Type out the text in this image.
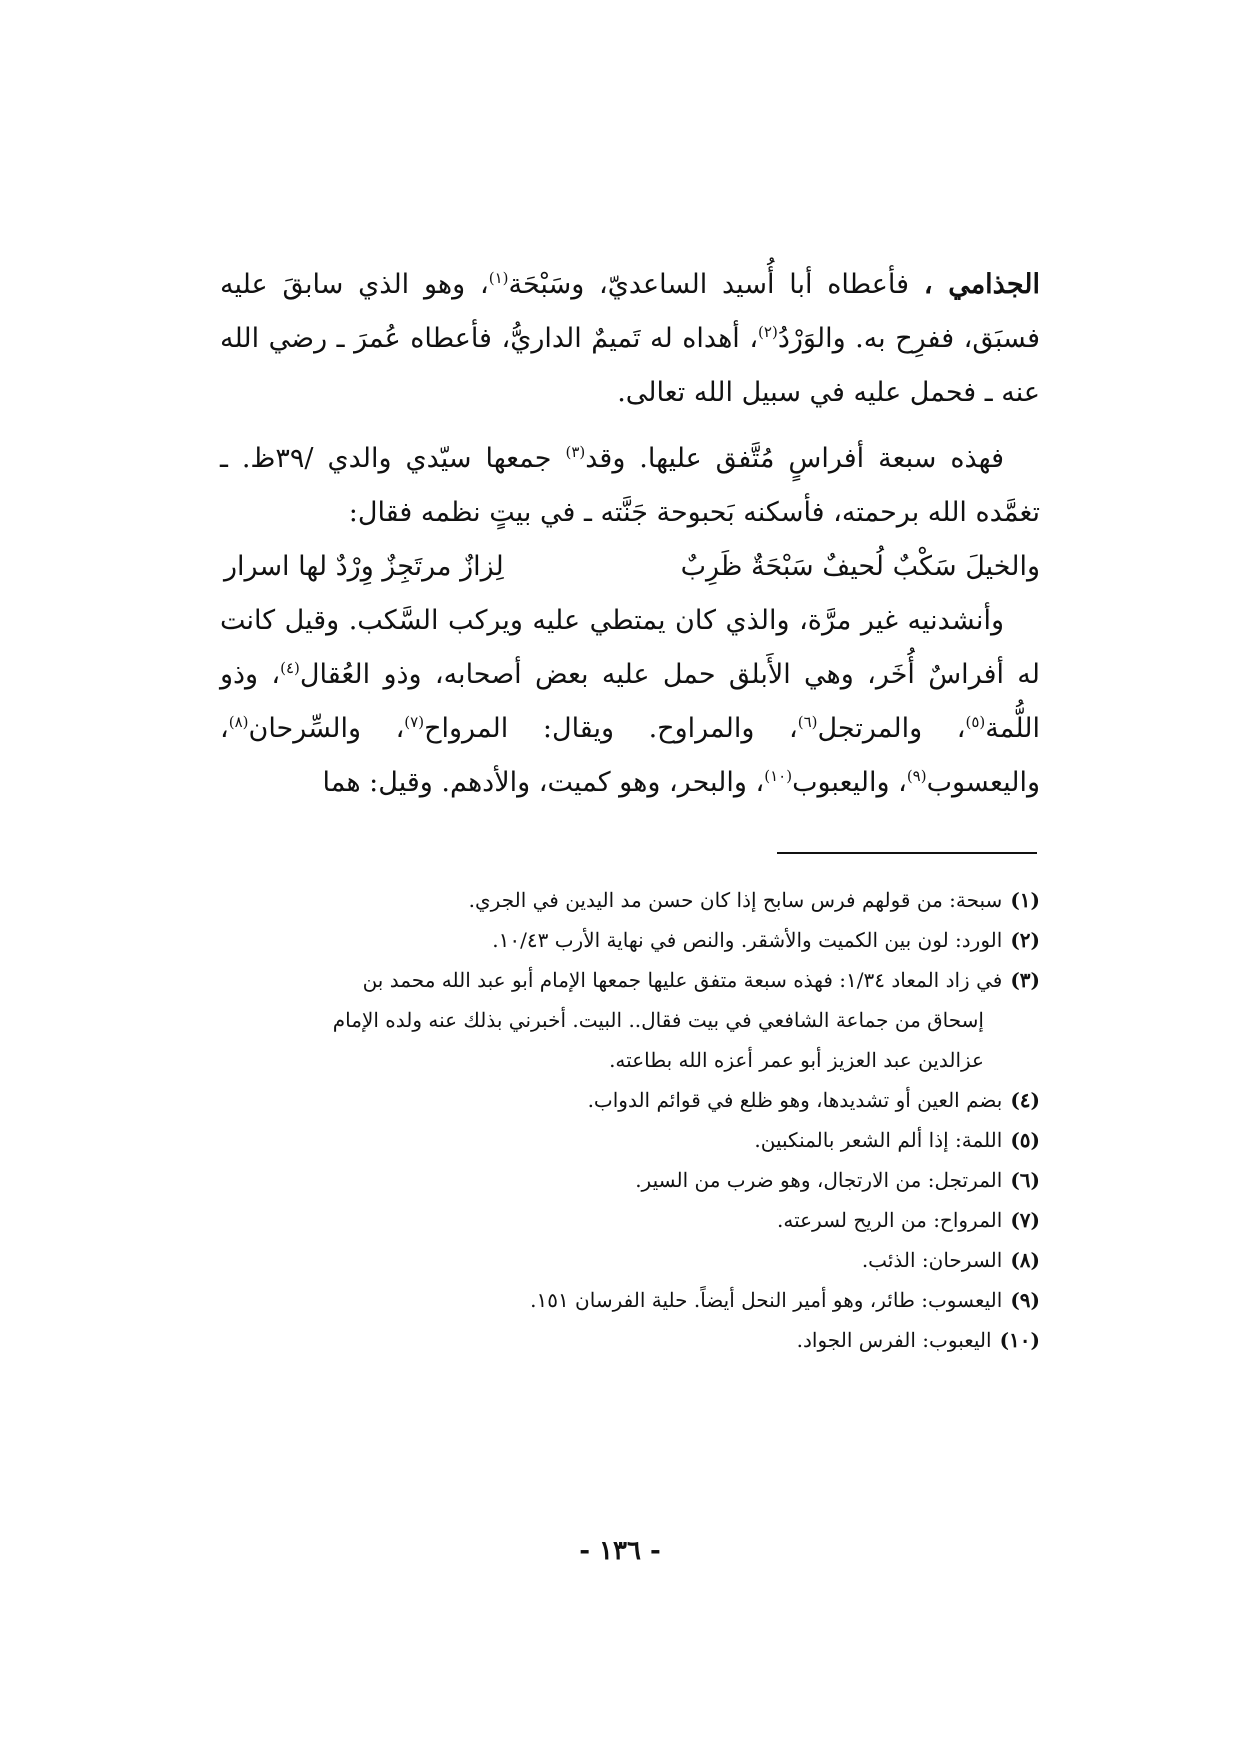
الجذامي ، فأعطاه أبا أُسيد الساعديّ، وسَبْحَة$^{(١)}$، وهو الذي سابقَ عليه فسبَق، ففرِح به. والوَرْدُ$^{(٢)}$، أهداه له تَميمٌ الداريُّ، فأعطاه عُمرَ ـ رضي الله عنه ـ فحمل عليه في سبيل الله تعالى.

فهذه سبعة أفراسٍ مُتَّفق عليها. وقد$^{(٣)}$ جمعها سيّدي والدي /٣٩ظ. ـ تغمَّده الله برحمته، فأسكنه بَحبوحة جَنَّته ـ في بيتٍ نظمه فقال:

والخيلَ سَكْبٌ لُحيفٌ سَبْحَةٌ ظَرِبٌ
لِزازٌ مرتَجِزٌ وِرْدٌ لها اسرار

وأنشدنيه غير مرَّة، والذي كان يمتطي عليه ويركب السَّكب. وقيل كانت له أفراسٌ أُخَر، وهي الأَبلق حمل عليه بعض أصحابه، وذو العُقال$^{(٤)}$، وذو اللُّمة$^{(٥)}$، والمرتجل$^{(٦)}$، والمراوح. ويقال: المرواح$^{(٧)}$، والسِّرحان$^{(٨)}$، واليعسوب$^{(٩)}$، واليعبوب$^{(١٠)}$، والبحر، وهو كميت، والأدهم. وقيل: هما

(١)سبحة: من قولهم فرس سابح إذا كان حسن مد اليدين في الجري.

(٢)الورد: لون بين الكميت والأشقر. والنص في نهاية الأرب ١٠/٤٣.

(٣)في زاد المعاد ١/٣٤: فهذه سبعة متفق عليها جمعها الإمام أبو عبد الله محمد بن
إسحاق من جماعة الشافعي في بيت فقال.. البيت. أخبرني بذلك عنه ولده الإمام
عزالدين عبد العزيز أبو عمر أعزه الله بطاعته.

(٤)بضم العين أو تشديدها، وهو ظلع في قوائم الدواب.

(٥)اللمة: إذا ألم الشعر بالمنكبين.

(٦)المرتجل: من الارتجال، وهو ضرب من السير.

(٧)المرواح: من الريح لسرعته.

(٨)السرحان: الذئب.

(٩)اليعسوب: طائر، وهو أمير النحل أيضاً. حلية الفرسان ١٥١.

(١٠)اليعبوب: الفرس الجواد.

- ١٣٦ -
